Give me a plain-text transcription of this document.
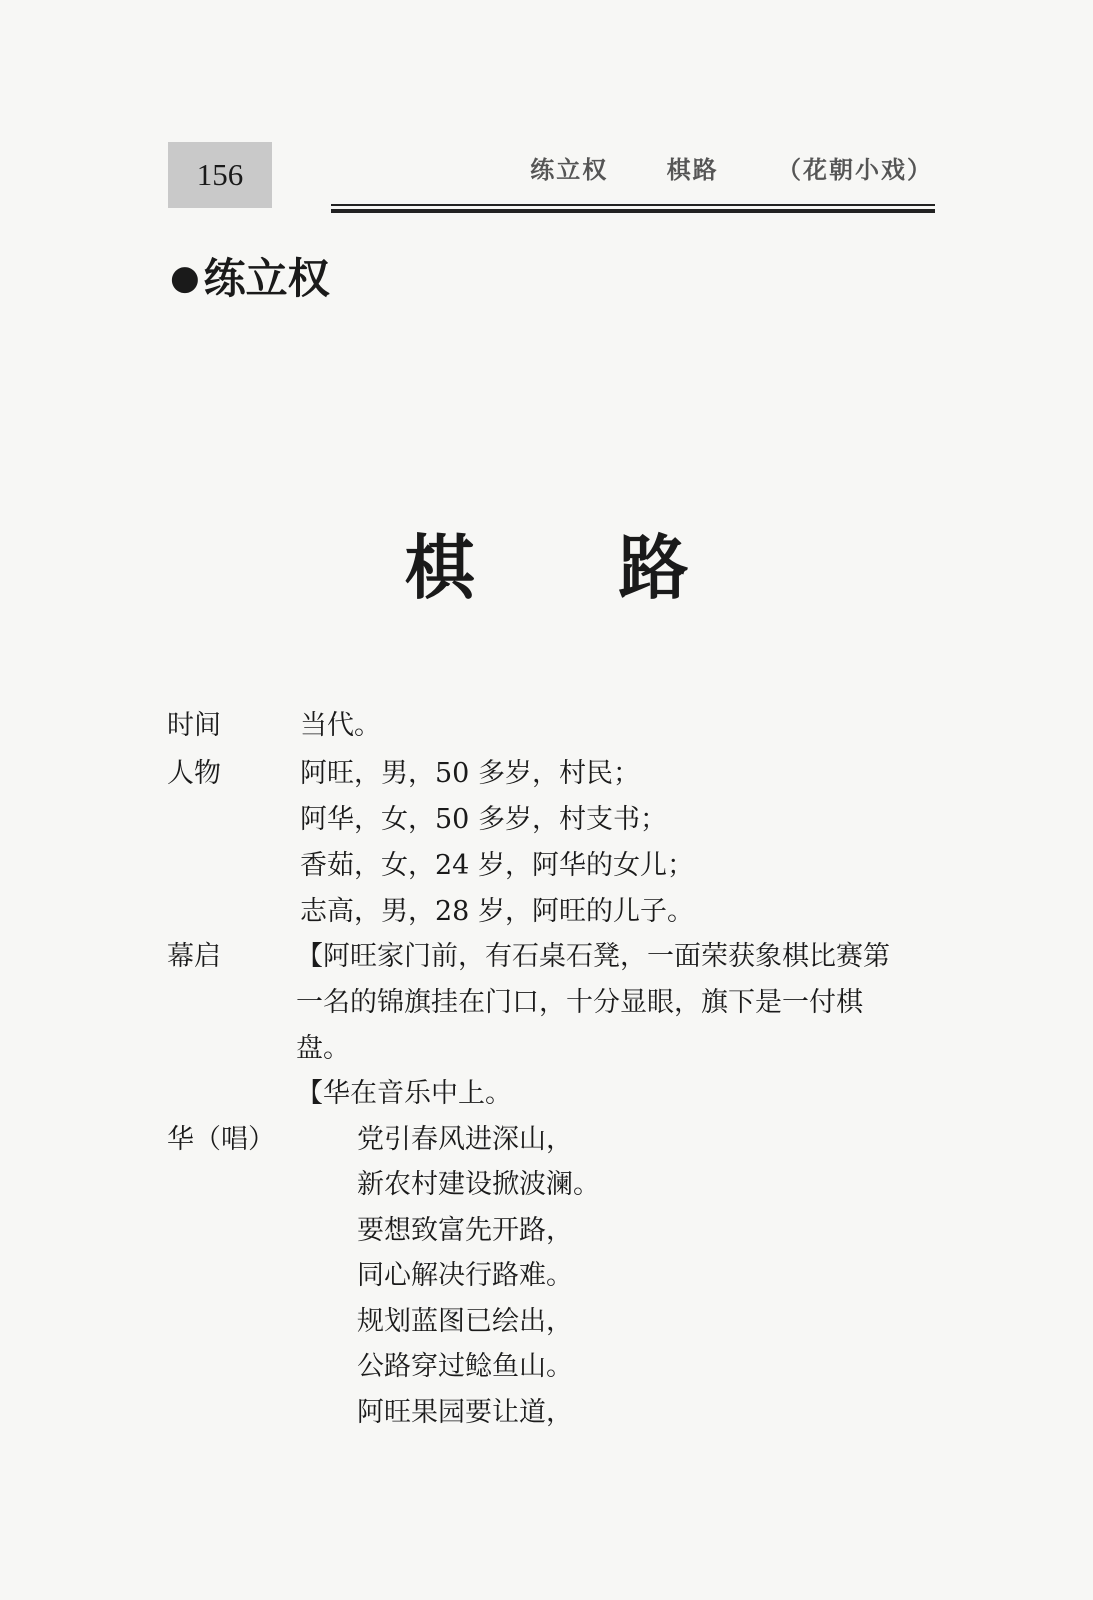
156	练立权 棋路 （花朝小戏）
●练立权
棋 路
时间	当代。
人物	阿旺，男，50 多岁，村民；
阿华，女，50 多岁，村支书；
香茹，女，24 岁，阿华的女儿；
志高，男，28 岁，阿旺的儿子。
幕启	【阿旺家门前，有石桌石凳，一面荣获象棋比赛第
一名的锦旗挂在门口，十分显眼，旗下是一付棋
盘。
【华在音乐中上。
华（唱）	党引春风进深山，
新农村建设掀波澜。
要想致富先开路，
同心解决行路难。
规划蓝图已绘出，
公路穿过鲶鱼山。
阿旺果园要让道，
